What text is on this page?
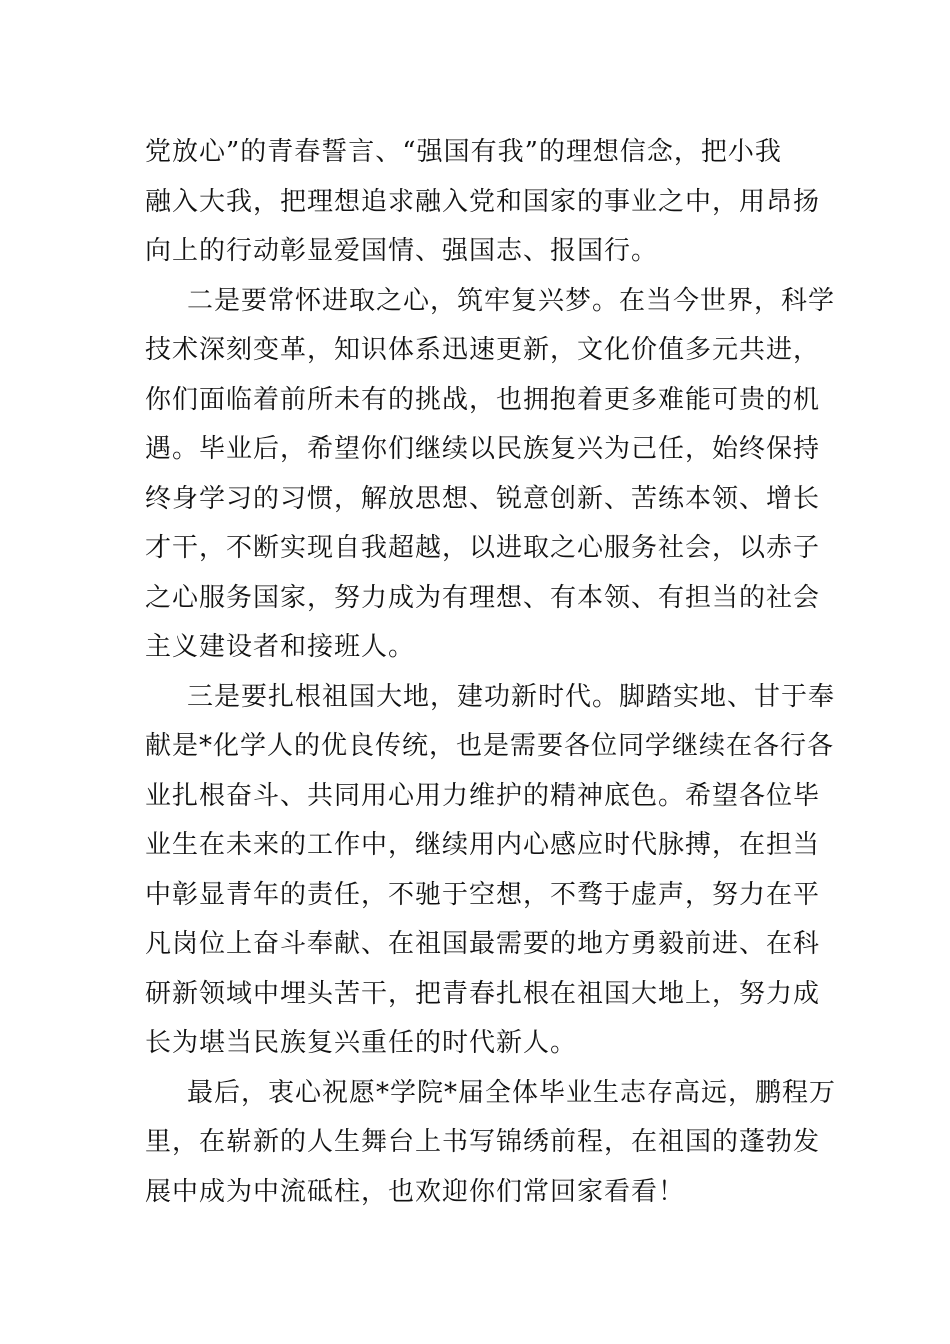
党放心”的青春誓言、“强国有我”的理想信念，把小我
融入大我，把理想追求融入党和国家的事业之中，用昂扬
向上的行动彰显爱国情、强国志、报国行。
二是要常怀进取之心，筑牢复兴梦。在当今世界，科学
技术深刻变革，知识体系迅速更新，文化价值多元共进，
你们面临着前所未有的挑战，也拥抱着更多难能可贵的机
遇。毕业后，希望你们继续以民族复兴为己任，始终保持
终身学习的习惯，解放思想、锐意创新、苦练本领、增长
才干，不断实现自我超越，以进取之心服务社会，以赤子
之心服务国家，努力成为有理想、有本领、有担当的社会
主义建设者和接班人。
三是要扎根祖国大地，建功新时代。脚踏实地、甘于奉
献是*化学人的优良传统，也是需要各位同学继续在各行各
业扎根奋斗、共同用心用力维护的精神底色。希望各位毕
业生在未来的工作中，继续用内心感应时代脉搏，在担当
中彰显青年的责任，不驰于空想，不骛于虚声，努力在平
凡岗位上奋斗奉献、在祖国最需要的地方勇毅前进、在科
研新领域中埋头苦干，把青春扎根在祖国大地上，努力成
长为堪当民族复兴重任的时代新人。
最后，衷心祝愿*学院*届全体毕业生志存高远，鹏程万
里，在崭新的人生舞台上书写锦绣前程，在祖国的蓬勃发
展中成为中流砥柱，也欢迎你们常回家看看！
